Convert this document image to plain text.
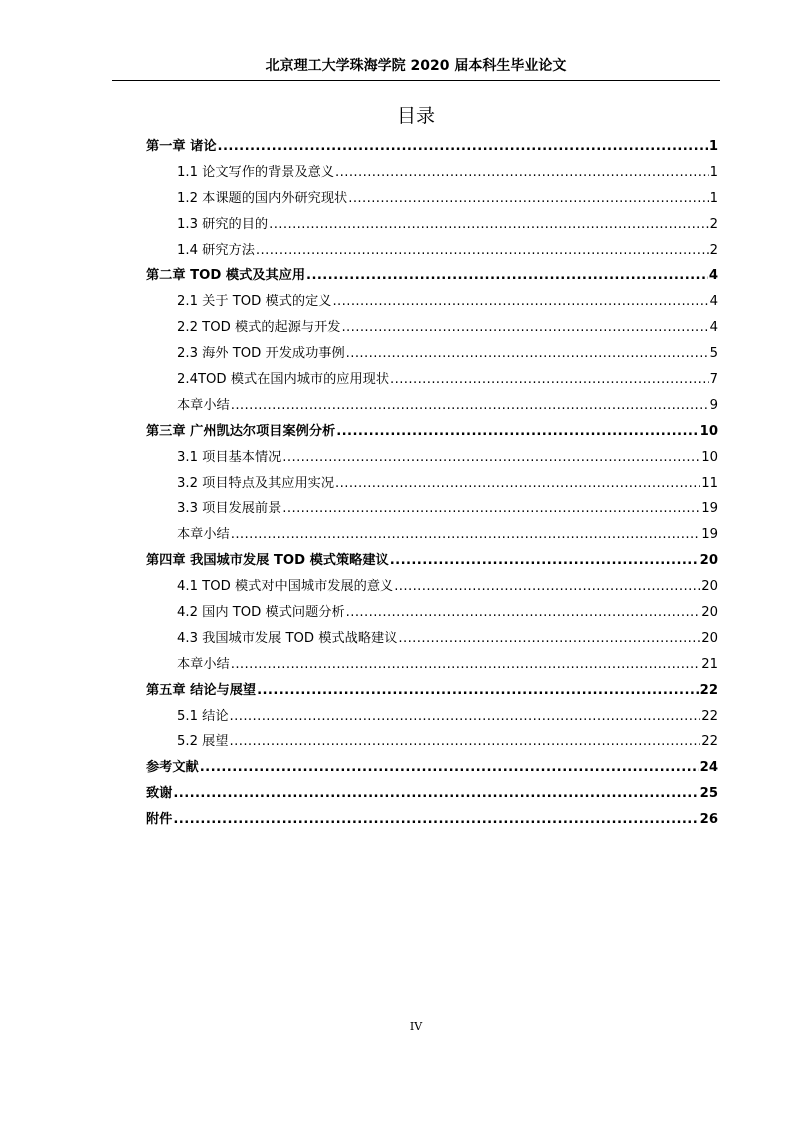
北京理工大学珠海学院 2020 届本科生毕业论文
目录
第一章 诸论 .....	1
1.1 论文写作的背景及意义 .....	1
1.2 本课题的国内外研究现状 .....	1
1.3 研究的目的 .....	2
1.4 研究方法 .....	2
第二章 TOD 模式及其应用 .....	4
2.1 关于 TOD 模式的定义 .....	4
2.2 TOD 模式的起源与开发 .....	4
2.3 海外 TOD 开发成功事例 .....	5
2.4TOD 模式在国内城市的应用现状 .....	7
本章小结 .....	9
第三章 广州凯达尔项目案例分析 .....	10
3.1 项目基本情况 .....	10
3.2 项目特点及其应用实况 .....	11
3.3 项目发展前景 .....	19
本章小结 .....	19
第四章 我国城市发展 TOD 模式策略建议 .....	20
4.1 TOD 模式对中国城市发展的意义 .....	20
4.2 国内 TOD 模式问题分析 .....	20
4.3 我国城市发展 TOD 模式战略建议 .....	20
本章小结 .....	21
第五章 结论与展望 .....	22
5.1 结论 .....	22
5.2 展望 .....	22
参考文献 .....	24
致谢 .....	25
附件 .....	26
IV
